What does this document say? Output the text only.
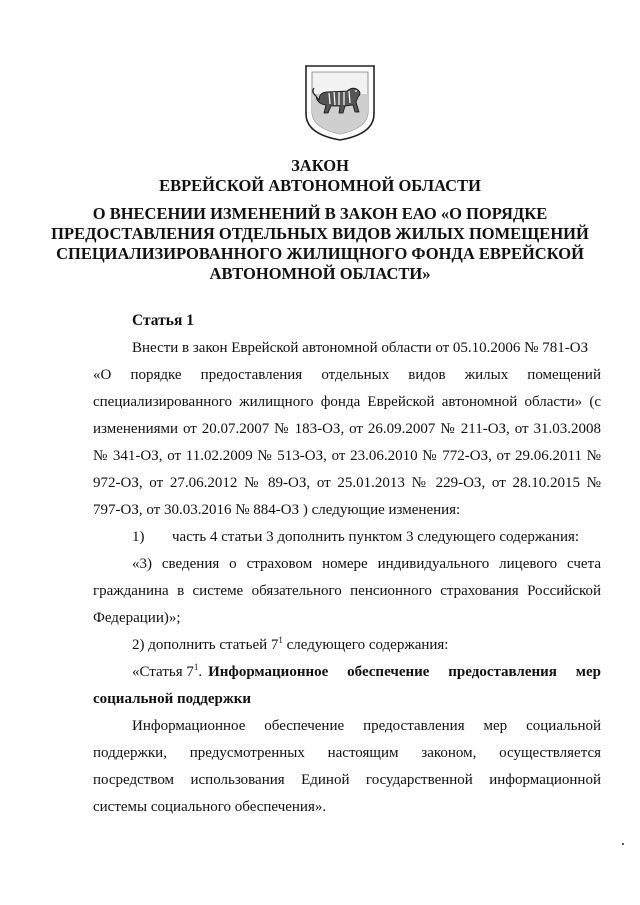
ЗАКОН
ЕВРЕЙСКОЙ АВТОНОМНОЙ ОБЛАСТИ
О ВНЕСЕНИИ ИЗМЕНЕНИЙ В ЗАКОН ЕАО «О ПОРЯДКЕ
ПРЕДОСТАВЛЕНИЯ ОТДЕЛЬНЫХ ВИДОВ ЖИЛЫХ ПОМЕЩЕНИЙ
СПЕЦИАЛИЗИРОВАННОГО ЖИЛИЩНОГО ФОНДА ЕВРЕЙСКОЙ
АВТОНОМНОЙ ОБЛАСТИ»
Статья 1
Внести в закон Еврейской автономной области от 05.10.2006 № 781-ОЗ
«О порядке предоставления отдельных видов жилых помещений
специализированного жилищного фонда Еврейской автономной области» (с
изменениями от 20.07.2007 № 183-ОЗ, от 26.09.2007 № 211-ОЗ, от 31.03.2008
№ 341-ОЗ, от 11.02.2009 № 513-ОЗ, от 23.06.2010 № 772-ОЗ, от 29.06.2011 №
972-ОЗ, от 27.06.2012 № 89-ОЗ, от 25.01.2013 № 229-ОЗ, от 28.10.2015 №
797-ОЗ, от 30.03.2016 № 884-ОЗ ) следующие изменения:
1) часть 4 статьи 3 дополнить пунктом 3 следующего содержания:
«3) сведения о страховом номере индивидуального лицевого счета
гражданина в системе обязательного пенсионного страхования Российской
Федерации)»;
2) дополнить статьей $7^1$ следующего содержания:
«Статья $7^1$. Информационное обеспечение предоставления мер
социальной поддержки
Информационное обеспечение предоставления мер социальной
поддержки, предусмотренных настоящим законом, осуществляется
посредством использования Единой государственной информационной
системы социального обеспечения».
